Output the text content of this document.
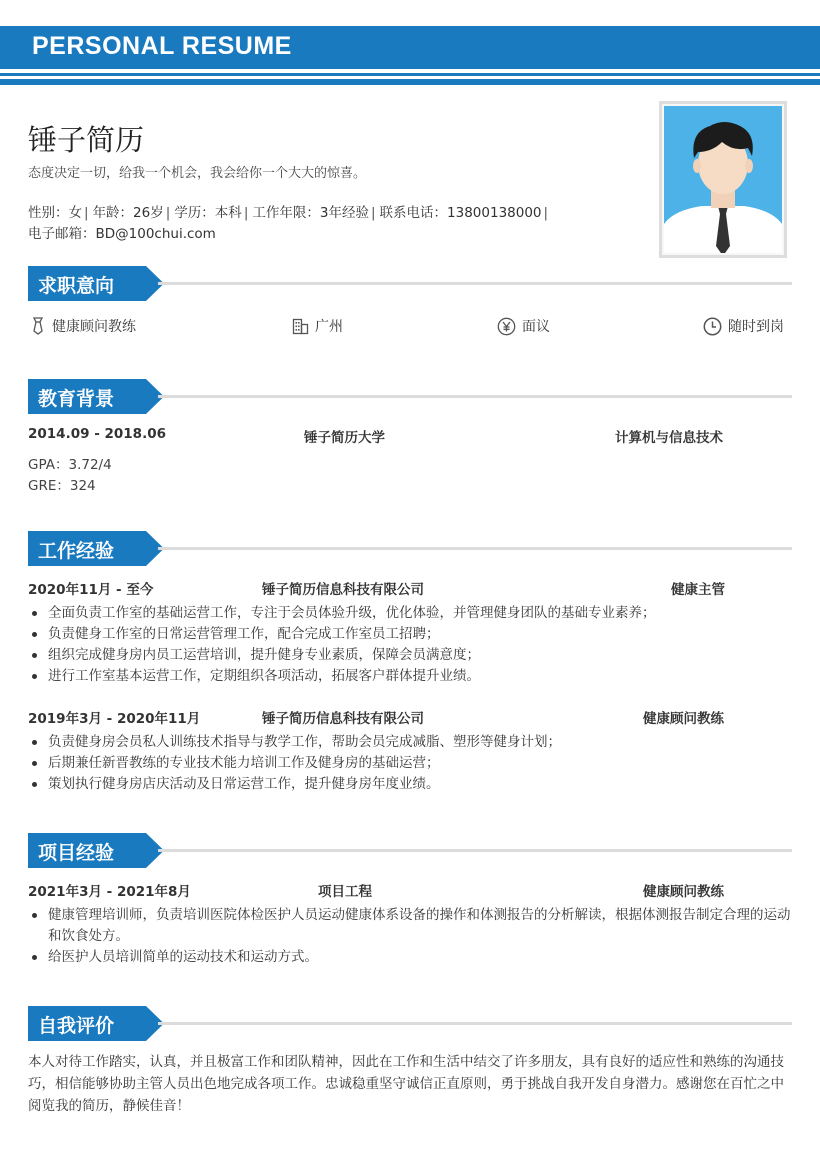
PERSONAL RESUME
锤子简历
态度决定一切，给我一个机会，我会给你一个大大的惊喜。
性别：女 | 年龄：26岁 | 学历：本科 | 工作年限：3年经验 | 联系电话：13800138000 |
电子邮箱：BD@100chui.com
求职意向
健康顾问教练	广州	面议	随时到岗
教育背景
2014.09 - 2018.06	锤子简历大学	计算机与信息技术
GPA：3.72/4
GRE：324
工作经验
2020年11月 - 至今	锤子简历信息科技有限公司	健康主管
全面负责工作室的基础运营工作，专注于会员体验升级，优化体验，并管理健身团队的基础专业素养；
负责健身工作室的日常运营管理工作，配合完成工作室员工招聘；
组织完成健身房内员工运营培训，提升健身专业素质，保障会员满意度；
进行工作室基本运营工作，定期组织各项活动，拓展客户群体提升业绩。
2019年3月 - 2020年11月	锤子简历信息科技有限公司	健康顾问教练
负责健身房会员私人训练技术指导与教学工作，帮助会员完成减脂、塑形等健身计划；
后期兼任新晋教练的专业技术能力培训工作及健身房的基础运营；
策划执行健身房店庆活动及日常运营工作，提升健身房年度业绩。
项目经验
2021年3月 - 2021年8月	项目工程	健康顾问教练
健康管理培训师，负责培训医院体检医护人员运动健康体系设备的操作和体测报告的分析解读，根据体测报告制定合理的运动和饮食处方。
给医护人员培训简单的运动技术和运动方式。
自我评价
本人对待工作踏实，认真，并且极富工作和团队精神，因此在工作和生活中结交了许多朋友，具有良好的适应性和熟练的沟通技巧，相信能够协助主管人员出色地完成各项工作。忠诚稳重坚守诚信正直原则，勇于挑战自我开发自身潜力。感谢您在百忙之中阅览我的简历，静候佳音！
